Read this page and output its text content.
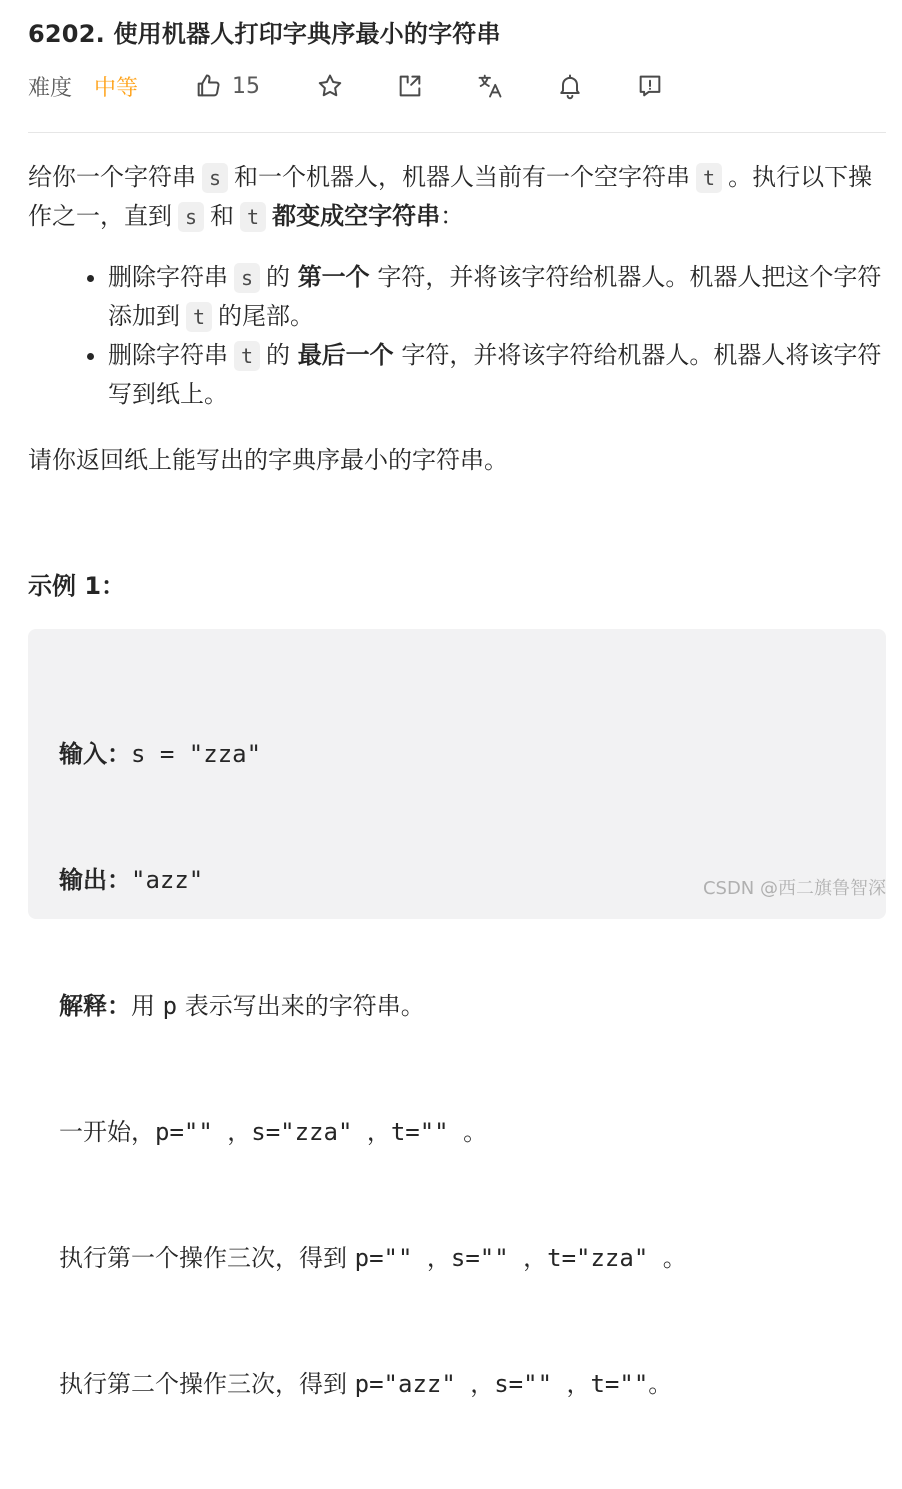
6202. 使用机器人打印字典序最小的字符串
难度 中等	15

给你一个字符串 s 和一个机器人，机器人当前有一个空字符串 t 。执行以下操作之一，直到 s 和 t 都变成空字符串：

• 删除字符串 s 的 第一个 字符，并将该字符给机器人。机器人把这个字符添加到 t 的尾部。
• 删除字符串 t 的 最后一个 字符，并将该字符给机器人。机器人将该字符写到纸上。

请你返回纸上能写出的字典序最小的字符串。

示例 1：

输入：s = "zza"

输出："azz"

解释：用 p 表示写出来的字符串。

一开始，p="" ，s="zza" ，t="" 。

执行第一个操作三次，得到 p="" ，s="" ，t="zza" 。

执行第二个操作三次，得到 p="azz" ，s="" ，t=""。

CSDN @西二旗鲁智深
